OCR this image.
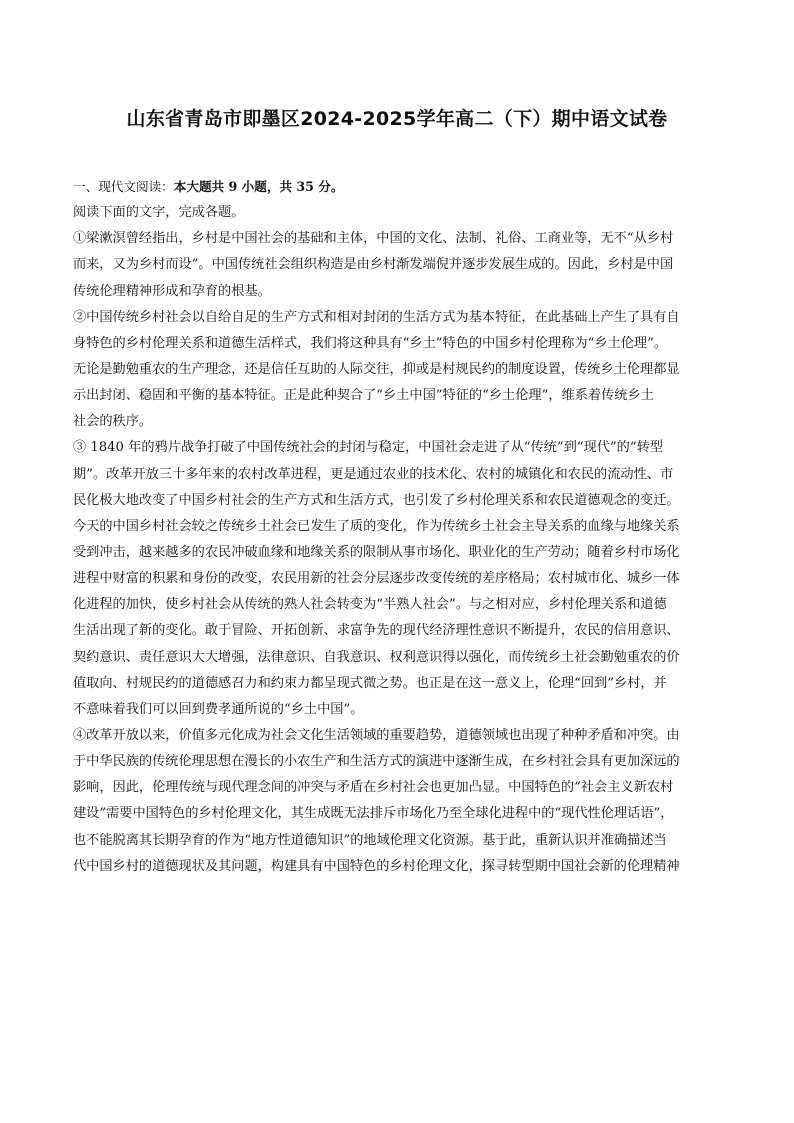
山东省青岛市即墨区2024-2025学年高二（下）期中语文试卷
一、现代文阅读：本大题共 9 小题，共 35 分。
阅读下面的文字，完成各题。
①梁漱溟曾经指出，乡村是中国社会的基础和主体，中国的文化、法制、礼俗、工商业等，无不“从乡村
而来，又为乡村而设”。中国传统社会组织构造是由乡村渐发端倪并逐步发展生成的。因此，乡村是中国
传统伦理精神形成和孕育的根基。
②中国传统乡村社会以自给自足的生产方式和相对封闭的生活方式为基本特征，在此基础上产生了具有自
身特色的乡村伦理关系和道德生活样式，我们将这种具有“乡土”特色的中国乡村伦理称为“乡土伦理”。
无论是勤勉重农的生产理念，还是信任互助的人际交往，抑或是村规民约的制度设置，传统乡土伦理都显
示出封闭、稳固和平衡的基本特征。正是此种契合了“乡土中国”特征的“乡土伦理”，维系着传统乡土
社会的秩序。
③ 1840 年的鸦片战争打破了中国传统社会的封闭与稳定，中国社会走进了从“传统”到“现代”的“转型
期”。改革开放三十多年来的农村改革进程，更是通过农业的技术化、农村的城镇化和农民的流动性、市
民化极大地改变了中国乡村社会的生产方式和生活方式，也引发了乡村伦理关系和农民道德观念的变迁。
今天的中国乡村社会较之传统乡土社会已发生了质的变化，作为传统乡土社会主导关系的血缘与地缘关系
受到冲击，越来越多的农民冲破血缘和地缘关系的限制从事市场化、职业化的生产劳动；随着乡村市场化
进程中财富的积累和身份的改变，农民用新的社会分层逐步改变传统的差序格局；农村城市化、城乡一体
化进程的加快，使乡村社会从传统的熟人社会转变为“半熟人社会”。与之相对应，乡村伦理关系和道德
生活出现了新的变化。敢于冒险、开拓创新、求富争先的现代经济理性意识不断提升，农民的信用意识、
契约意识、责任意识大大增强，法律意识、自我意识、权利意识得以强化，而传统乡土社会勤勉重农的价
值取向、村规民约的道德感召力和约束力都呈现式微之势。也正是在这一意义上，伦理“回到”乡村，并
不意味着我们可以回到费孝通所说的“乡土中国”。
④改革开放以来，价值多元化成为社会文化生活领域的重要趋势，道德领域也出现了种种矛盾和冲突。由
于中华民族的传统伦理思想在漫长的小农生产和生活方式的演进中逐渐生成，在乡村社会具有更加深远的
影响，因此，伦理传统与现代理念间的冲突与矛盾在乡村社会也更加凸显。中国特色的“社会主义新农村
建设”需要中国特色的乡村伦理文化，其生成既无法排斥市场化乃至全球化进程中的“现代性伦理话语”，
也不能脱离其长期孕育的作为“地方性道德知识”的地域伦理文化资源。基于此，重新认识并准确描述当
代中国乡村的道德现状及其问题，构建具有中国特色的乡村伦理文化，探寻转型期中国社会新的伦理精神
